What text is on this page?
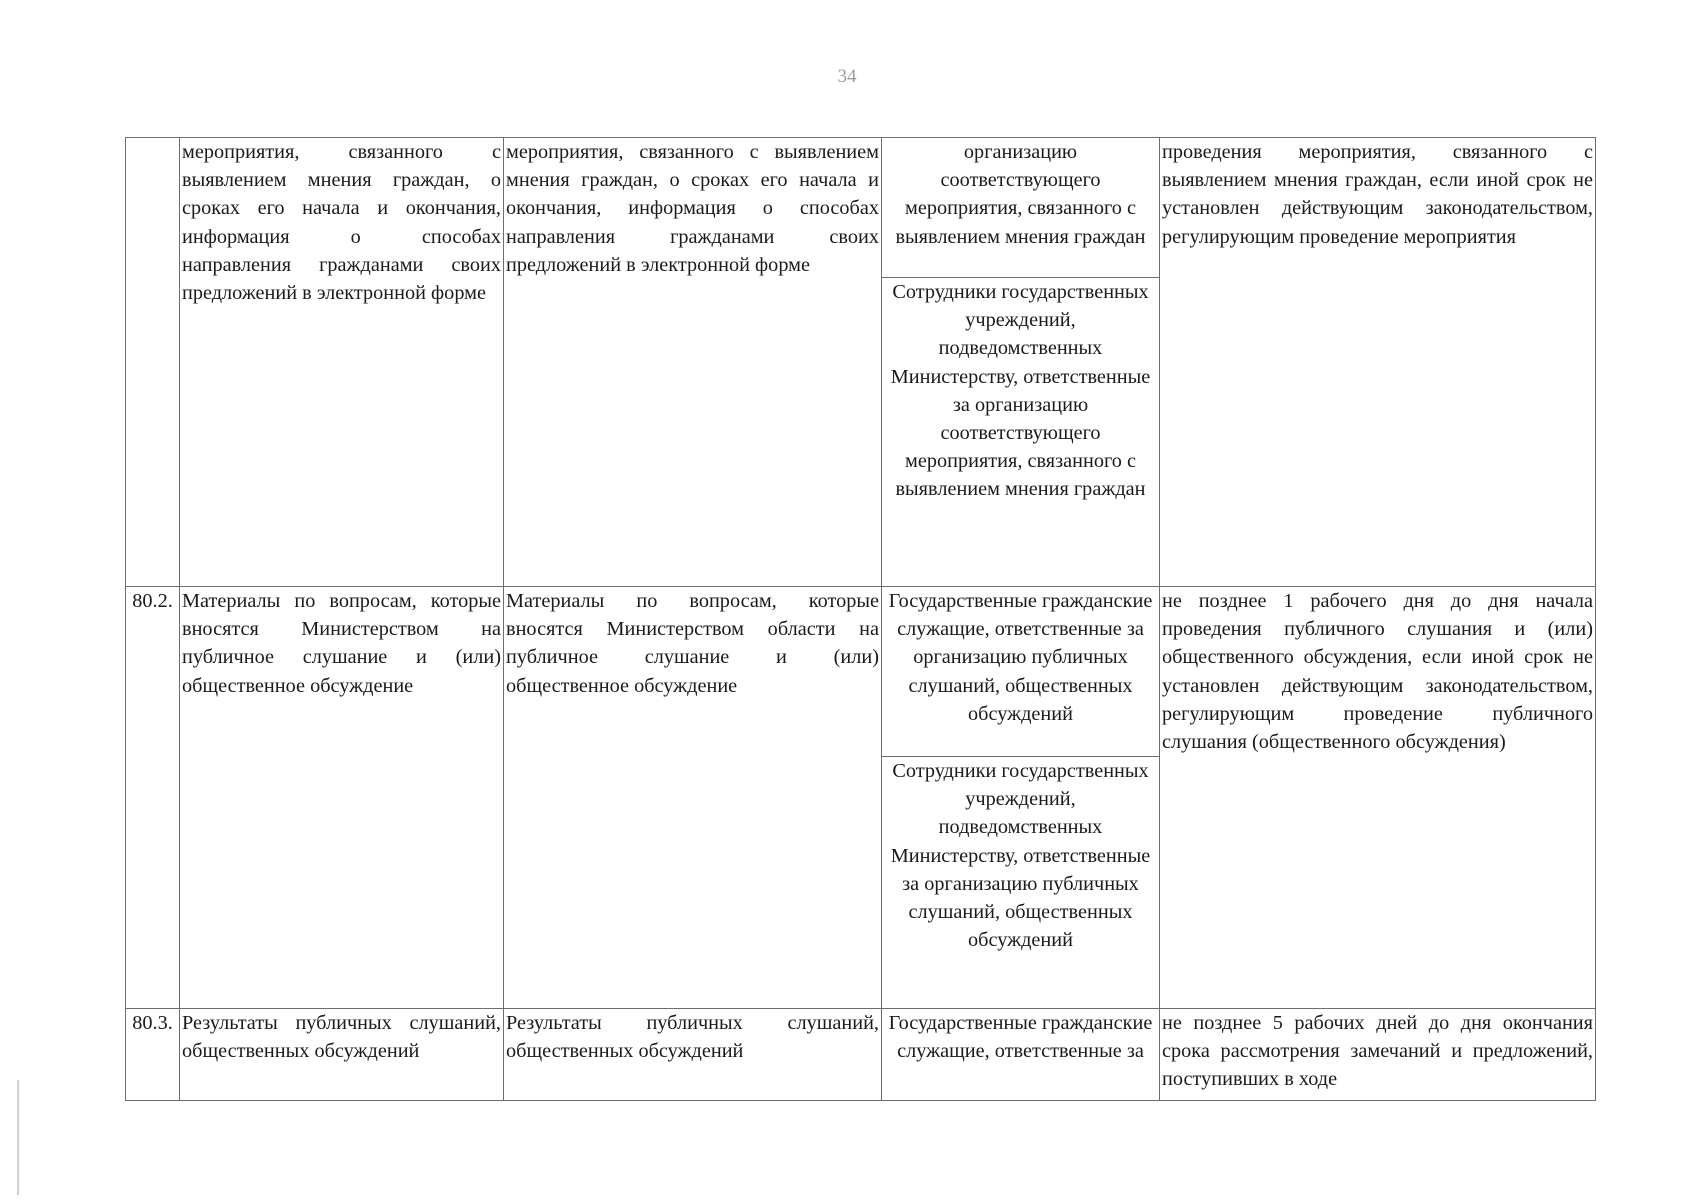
34
	мероприятия, связанного с выявлением мнения граждан, о сроках его начала и окончания, информация о способах направления гражданами своих предложений в электронной форме	мероприятия, связанного с выявлением мнения граждан, о сроках его начала и окончания, информация о способах направления гражданами своих предложений в электронной форме	организацию соответствующего мероприятия, связанного с выявлением мнения граждан	проведения мероприятия, связанного с выявлением мнения граждан, если иной срок не установлен действующим законодательством, регулирующим проведение мероприятия
			Сотрудники государственных учреждений, подведомственных Министерству, ответственные за организацию соответствующего мероприятия, связанного с выявлением мнения граждан	
80.2.	Материалы по вопросам, которые вносятся Министерством на публичное слушание и (или) общественное обсуждение	Материалы по вопросам, которые вносятся Министерством области на публичное слушание и (или) общественное обсуждение	Государственные гражданские служащие, ответственные за организацию публичных слушаний, общественных обсуждений	не позднее 1 рабочего дня до дня начала проведения публичного слушания и (или) общественного обсуждения, если иной срок не установлен действующим законодательством, регулирующим проведение публичного слушания (общественного обсуждения)
			Сотрудники государственных учреждений, подведомственных Министерству, ответственные за организацию публичных слушаний, общественных обсуждений	
80.3.	Результаты публичных слушаний, общественных обсуждений	Результаты публичных слушаний, общественных обсуждений	Государственные гражданские служащие, ответственные за	не позднее 5 рабочих дней до дня окончания срока рассмотрения замечаний и предложений, поступивших в ходе
